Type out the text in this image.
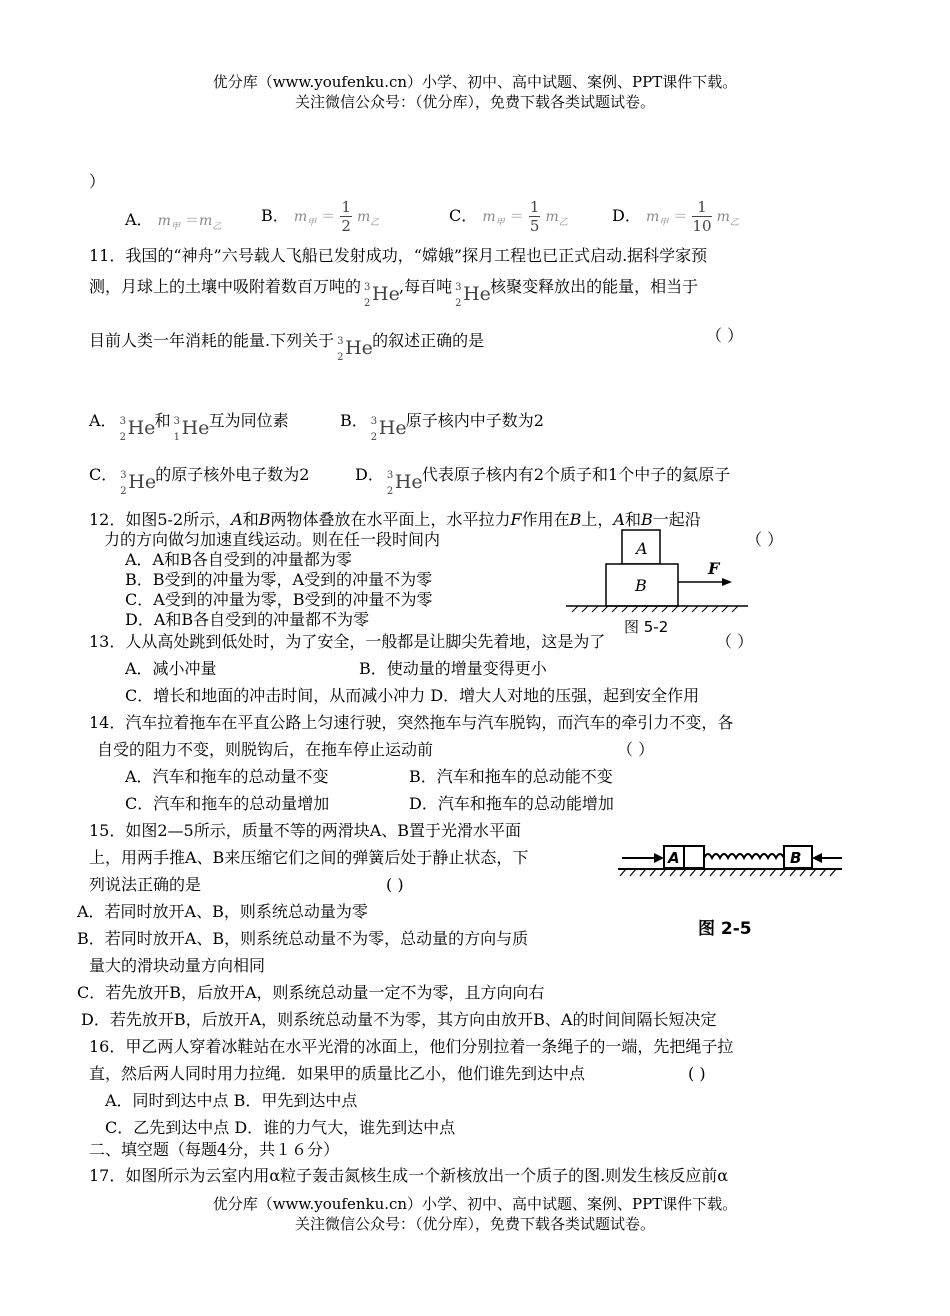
优分库（www.youfenku.cn）小学、初中、高中试题、案例、PPT课件下载。
关注微信公众号：（优分库），免费下载各类试题试卷。
）
A． $m_甲 =m_乙$
B． $m_甲 = \frac{1}{2} m_乙$	C． $m_甲 = \frac{1}{5} m_乙$	D． $m_甲 = \frac{1}{10} m_乙$
11．我国的“神舟”六号载人飞船已发射成功，“嫦娥”探月工程也已正式启动.据科学家预
测，月球上的土壤中吸附着数百万吨的 3
2 He ,每百吨 3
2 He 核聚变释放出的能量，相当于
目前人类一年消耗的能量.下列关于 3
2 He 的叙述正确的是	（ ）
A． 3
2 He 和 3
1 He 互为同位素	B． 3
2 He 原子核内中子数为2
C． 3
2 He 的原子核外电子数为2	D． 3
2 He 代表原子核内有2个质子和1个中子的氦原子
12．如图5-2所示，A和B两物体叠放在水平面上，水平拉力F作用在B上，A和B一起沿
力的方向做匀加速直线运动。则在任一段时间内	（ ）
A．A和B各自受到的冲量都为零
B．B受到的冲量为零，A受到的冲量不为零
C．A受到的冲量为零，B受到的冲量不为零
D．A和B各自受到的冲量都不为零
A
B
F
图 5-2
13．人从高处跳到低处时，为了安全，一般都是让脚尖先着地，这是为了	（ ）
A．减小冲量	B．使动量的增量变得更小
C．增长和地面的冲击时间，从而减小冲力 D．增大人对地的压强，起到安全作用
14．汽车拉着拖车在平直公路上匀速行驶，突然拖车与汽车脱钩，而汽车的牵引力不变，各
自受的阻力不变，则脱钩后，在拖车停止运动前	（ ）
A．汽车和拖车的总动量不变	B．汽车和拖车的总动能不变
C．汽车和拖车的总动量增加	D．汽车和拖车的总动能增加
15．如图2—5所示，质量不等的两滑块A、B置于光滑水平面
上，用两手推A、B来压缩它们之间的弹簧后处于静止状态，下
列说法正确的是	( )
A．若同时放开A、B，则系统总动量为零
B．若同时放开A、B，则系统总动量不为零，总动量的方向与质
量大的滑块动量方向相同
C．若先放开B，后放开A，则系统总动量一定不为零，且方向向右
D．若先放开B，后放开A，则系统总动量不为零，其方向由放开B、A的时间间隔长短决定
A	B
图 2-5
16．甲乙两人穿着冰鞋站在水平光滑的冰面上，他们分别拉着一条绳子的一端，先把绳子拉
直，然后两人同时用力拉绳．如果甲的质量比乙小，他们谁先到达中点	( )
A．同时到达中点 B．甲先到达中点
C．乙先到达中点 D．谁的力气大，谁先到达中点
二、填空题（每题4分，共１６分）
17．如图所示为云室内用α粒子轰击氮核生成一个新核放出一个质子的图.则发生核反应前α
优分库（www.youfenku.cn）小学、初中、高中试题、案例、PPT课件下载。
关注微信公众号：（优分库），免费下载各类试题试卷。
